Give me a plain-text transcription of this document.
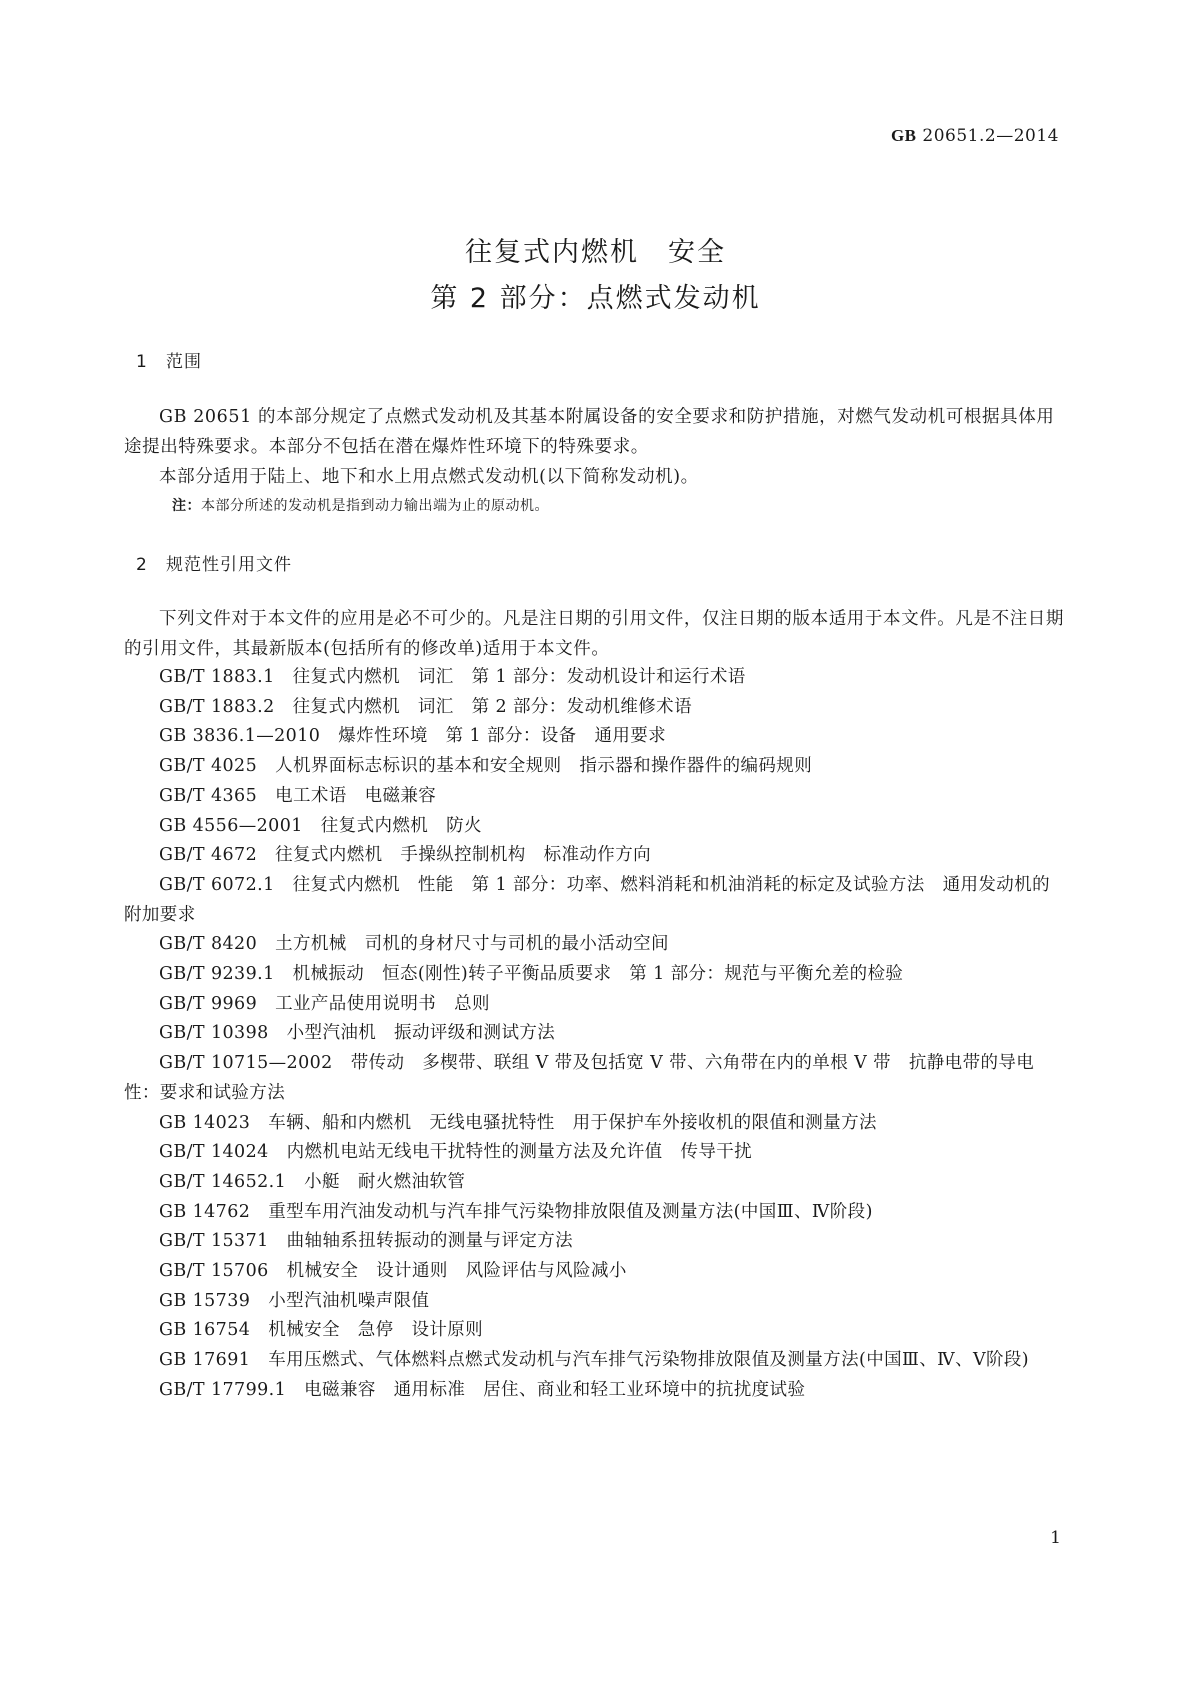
GB 20651.2—2014
往复式内燃机　安全
第 2 部分：点燃式发动机
1 范围
GB 20651 的本部分规定了点燃式发动机及其基本附属设备的安全要求和防护措施，对燃气发动机可根据具体用途提出特殊要求。本部分不包括在潜在爆炸性环境下的特殊要求。
本部分适用于陆上、地下和水上用点燃式发动机(以下简称发动机)。
注：本部分所述的发动机是指到动力输出端为止的原动机。
2 规范性引用文件
下列文件对于本文件的应用是必不可少的。凡是注日期的引用文件，仅注日期的版本适用于本文件。凡是不注日期的引用文件，其最新版本(包括所有的修改单)适用于本文件。
GB/T 1883.1 往复式内燃机　词汇　第 1 部分：发动机设计和运行术语
GB/T 1883.2 往复式内燃机　词汇　第 2 部分：发动机维修术语
GB 3836.1—2010 爆炸性环境　第 1 部分：设备　通用要求
GB/T 4025 人机界面标志标识的基本和安全规则　指示器和操作器件的编码规则
GB/T 4365 电工术语　电磁兼容
GB 4556—2001 往复式内燃机　防火
GB/T 4672 往复式内燃机　手操纵控制机构　标准动作方向
GB/T 6072.1 往复式内燃机　性能　第 1 部分：功率、燃料消耗和机油消耗的标定及试验方法　通用发动机的附加要求
GB/T 8420 土方机械　司机的身材尺寸与司机的最小活动空间
GB/T 9239.1 机械振动　恒态(刚性)转子平衡品质要求　第 1 部分：规范与平衡允差的检验
GB/T 9969 工业产品使用说明书　总则
GB/T 10398 小型汽油机　振动评级和测试方法
GB/T 10715—2002 带传动　多楔带、联组 V 带及包括宽 V 带、六角带在内的单根 V 带　抗静电带的导电性：要求和试验方法
GB 14023 车辆、船和内燃机　无线电骚扰特性　用于保护车外接收机的限值和测量方法
GB/T 14024 内燃机电站无线电干扰特性的测量方法及允许值　传导干扰
GB/T 14652.1 小艇　耐火燃油软管
GB 14762 重型车用汽油发动机与汽车排气污染物排放限值及测量方法(中国Ⅲ、Ⅳ阶段)
GB/T 15371 曲轴轴系扭转振动的测量与评定方法
GB/T 15706 机械安全　设计通则　风险评估与风险减小
GB 15739 小型汽油机噪声限值
GB 16754 机械安全　急停　设计原则
GB 17691 车用压燃式、气体燃料点燃式发动机与汽车排气污染物排放限值及测量方法(中国Ⅲ、Ⅳ、Ⅴ阶段)
GB/T 17799.1 电磁兼容　通用标准　居住、商业和轻工业环境中的抗扰度试验
1
